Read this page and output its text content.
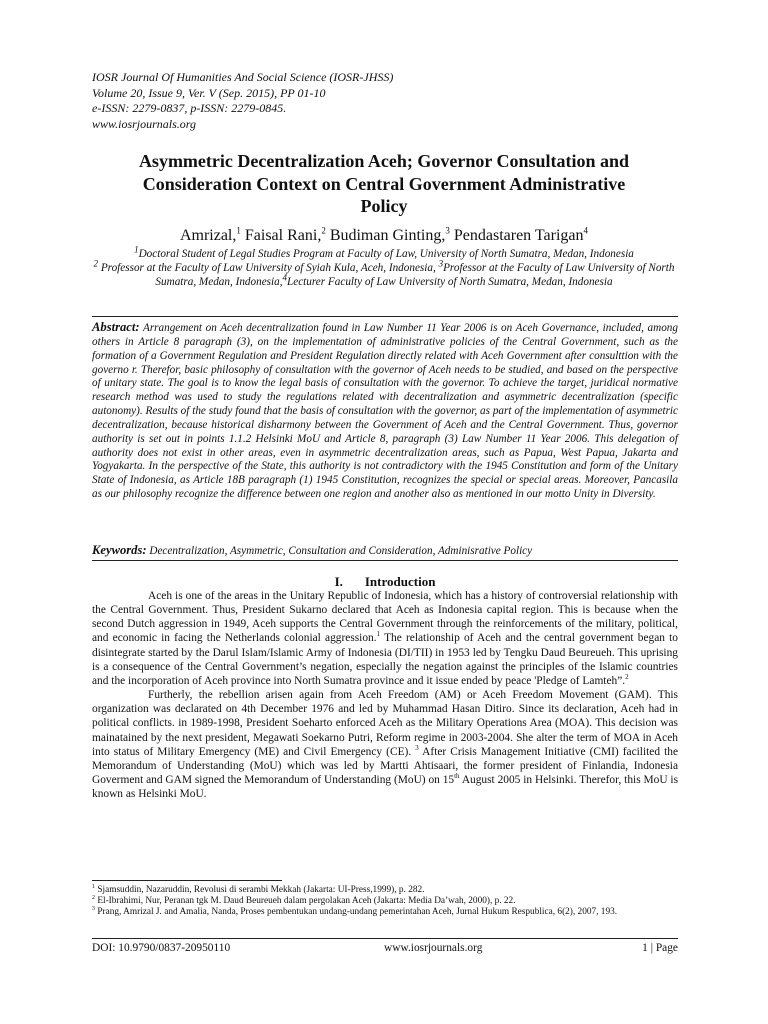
IOSR Journal Of Humanities And Social Science (IOSR-JHSS)
Volume 20, Issue 9, Ver. V (Sep. 2015), PP 01-10
e-ISSN: 2279-0837, p-ISSN: 2279-0845.
www.iosrjournals.org
Asymmetric Decentralization Aceh; Governor Consultation and
Consideration Context on Central Government Administrative
Policy
Amrizal,$^1$ Faisal Rani,$^2$ Budiman Ginting,$^3$ Pendastaren Tarigan$^4$
$^1$Doctoral Student of Legal Studies Program at Faculty of Law, University of North Sumatra, Medan, Indonesia
$^2$ Professor at the Faculty of Law University of Syiah Kula, Aceh, Indonesia, $^3$Professor at the Faculty of Law University of North Sumatra, Medan, Indonesia,$^4$Lecturer Faculty of Law University of North Sumatra, Medan, Indonesia
Abstract: Arrangement on Aceh decentralization found in Law Number 11 Year 2006 is on Aceh Governance, included, among others in Article 8 paragraph (3), on the implementation of administrative policies of the Central Government, such as the formation of a Government Regulation and President Regulation directly related with Aceh Government after consulttion with the governo r. Therefor, basic philosophy of consultation with the governor of Aceh needs to be studied, and based on the perspective of unitary state. The goal is to know the legal basis of consultation with the governor. To achieve the target, juridical normative research method was used to study the regulations related with decentralization and asymmetric decentralization (specific autonomy). Results of the study found that the basis of consultation with the governor, as part of the implementation of asymmetric decentralization, because historical disharmony between the Government of Aceh and the Central Government. Thus, governor authority is set out in points 1.1.2 Helsinki MoU and Article 8, paragraph (3) Law Number 11 Year 2006. This delegation of authority does not exist in other areas, even in asymmetric decentralization areas, such as Papua, West Papua, Jakarta and Yogyakarta. In the perspective of the State, this authority is not contradictory with the 1945 Constitution and form of the Unitary State of Indonesia, as Article 18B paragraph (1) 1945 Constitution, recognizes the special or special areas. Moreover, Pancasila as our philosophy recognize the difference between one region and another also as mentioned in our motto Unity in Diversity.
Keywords: Decentralization, Asymmetric, Consultation and Consideration, Adminisrative Policy
I. Introduction

Aceh is one of the areas in the Unitary Republic of Indonesia, which has a history of controversial relationship with the Central Government. Thus, President Sukarno declared that Aceh as Indonesia capital region. This is because when the second Dutch aggression in 1949, Aceh supports the Central Government through the reinforcements of the military, political, and economic in facing the Netherlands colonial aggression.$^1$ The relationship of Aceh and the central government began to disintegrate started by the Darul Islam/Islamic Army of Indonesia (DI/TII) in 1953 led by Tengku Daud Beureueh. This uprising is a consequence of the Central Government’s negation, especially the negation against the principles of the Islamic countries and the incorporation of Aceh province into North Sumatra province and it issue ended by peace 'Pledge of Lamteh”.$^2$

Furtherly, the rebellion arisen again from Aceh Freedom (AM) or Aceh Freedom Movement (GAM). This organization was declarated on 4th December 1976 and led by Muhammad Hasan Ditiro. Since its declaration, Aceh had in political conflicts. in 1989-1998, President Soeharto enforced Aceh as the Military Operations Area (MOA). This decision was mainatained by the next president, Megawati Soekarno Putri, Reform regime in 2003-2004. She alter the term of MOA in Aceh into status of Military Emergency (ME) and Civil Emergency (CE). $^3$ After Crisis Management Initiative (CMI) facilited the Memorandum of Understanding (MoU) which was led by Martti Ahtisaari, the former president of Finlandia, Indonesia Goverment and GAM signed the Memorandum of Understanding (MoU) on 15th August 2005 in Helsinki. Therefor, this MoU is known as Helsinki MoU.

$^1$ Sjamsuddin, Nazaruddin, Revolusi di serambi Mekkah (Jakarta: UI-Press,1999), p. 282.
$^2$ El-Ibrahimi, Nur, Peranan tgk M. Daud Beureueh dalam pergolakan Aceh (Jakarta: Media Da’wah, 2000), p. 22.
$^3$ Prang, Amrizal J. and Amalia, Nanda, Proses pembentukan undang-undang pemerintahan Aceh, Jurnal Hukum Respublica, 6(2), 2007, 193.
DOI: 10.9790/0837-20950110	www.iosrjournals.org	1 | Page
